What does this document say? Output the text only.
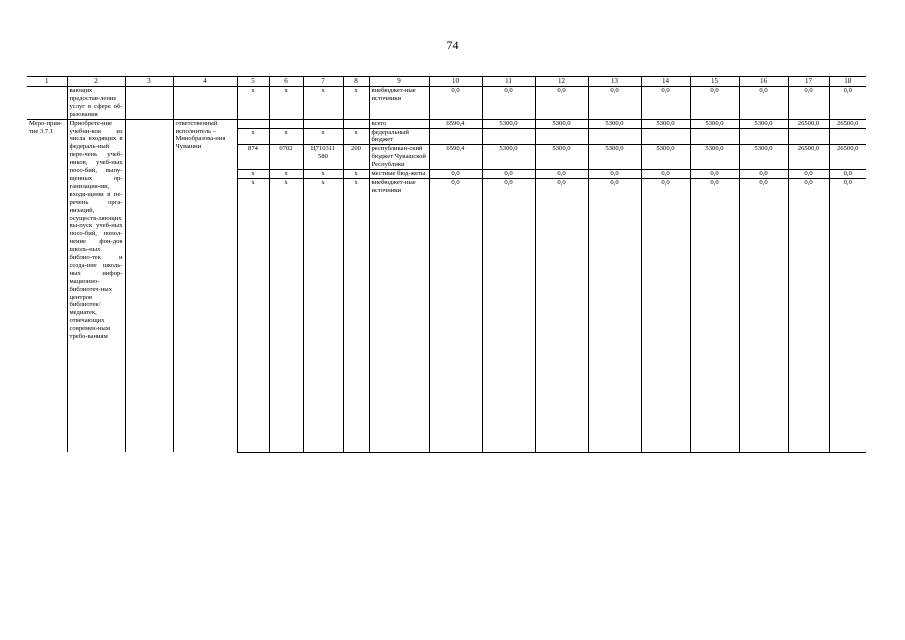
74
1	2	3	4	5	6	7	8	9	10	11	12	13	14	15	16	17	18
	вающих предостав-ление услуг в сфере об-разования			x	x	x	x	внебюджет-ные источники	0,0	0,0	0,0	0,0	0,0	0,0	0,0	0,0	0,0
Меро-прия-тие 3.7.1	Приобрете-ние учебни-ков из числа входящих в федераль-ный пере-чень учеб-ников, учеб-ных посо-бий, выпу-щенных ор-ганизация-ми, входя-щими в пе-речень орга-низаций, осуществ-ляющих вы-пуск учеб-ных посо-бий, попол-нение фон-дов школь-ных библио-тек и созда-ние школь-ных инфор-мационно-библиотеч-ных центров библиотек/ медиатек, отвечающих современ-ным требо-ваниям		ответственный исполнитель – Минобразова-ния Чувашии					всего	6590,4	5300,0	5300,0	5300,0	5300,0	5300,0	5300,0	26500,0	26500,0
				x	x	x	x	федеральный бюджет									
				874	0702	Ц710311 580	200	республикан-ский бюджет Чувашской Республики	6590,4	5300,0	5300,0	5300,0	5300,0	5300,0	5300,0	26500,0	26500,0
				x	x	x	x	местные бюд-жеты	0,0	0,0	0,0	0,0	0,0	0,0	0,0	0,0	0,0
				x	x	x	x	внебюджет-ные источники	0,0	0,0	0,0	0,0	0,0	0,0	0,0	0,0	0,0
